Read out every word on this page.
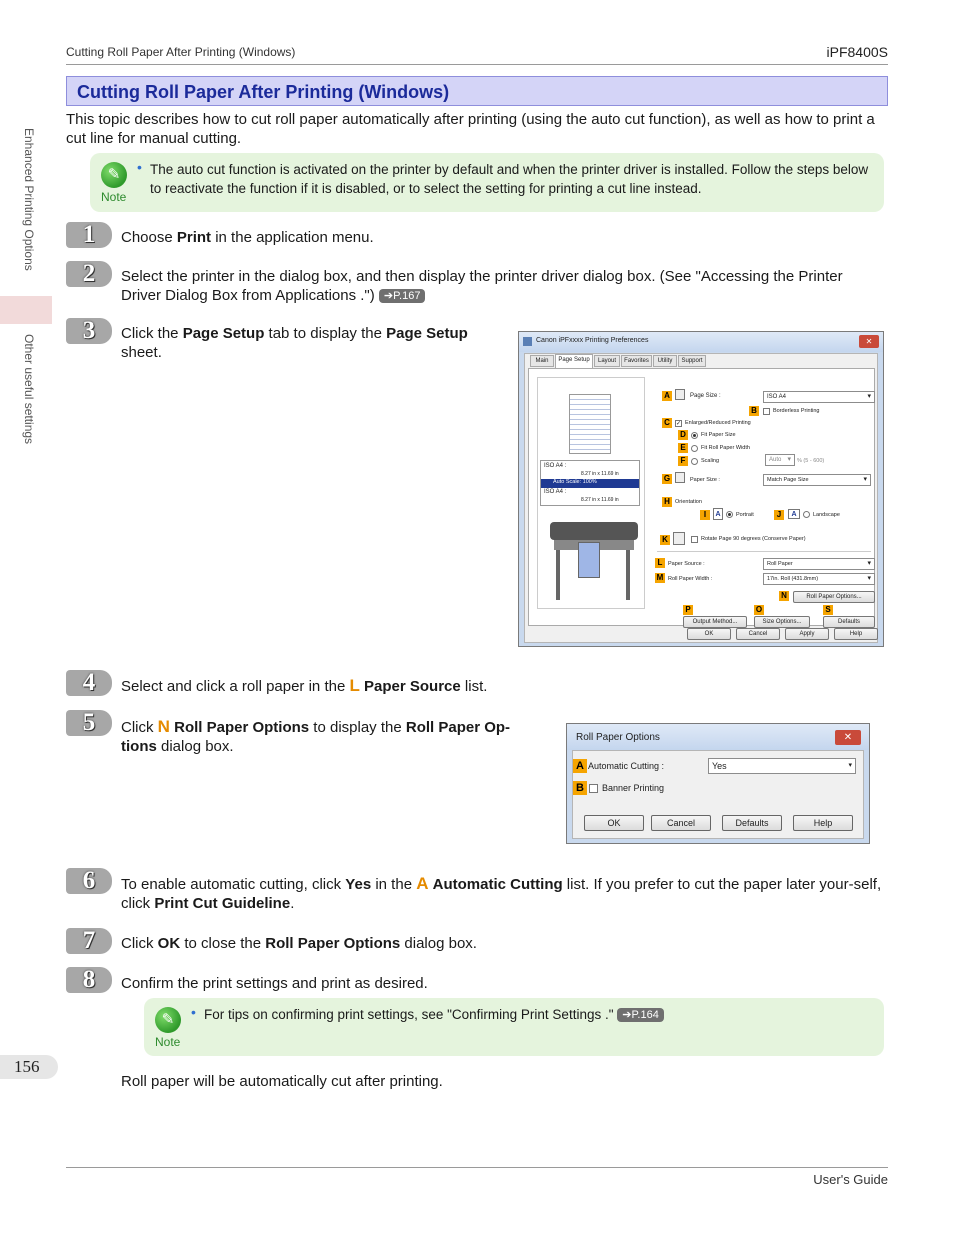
Cutting Roll Paper After Printing (Windows)	iPF8400S
Enhanced Printing Options
Other useful settings
156
Cutting Roll Paper After Printing (Windows)
This topic describes how to cut roll paper automatically after printing (using the auto cut function), as well as how to print a cut line for manual cutting.
✎
Note
• The auto cut function is activated on the printer by default and when the printer driver is installed. Follow the steps below to reactivate the function if it is disabled, or to select the setting for printing a cut line instead.
1	Choose Print in the application menu.
2	Select the printer in the dialog box, and then display the printer driver dialog box. (See "Accessing the Printer Driver Dialog Box from Applications .") ➔P.167
3	Click the Page Setup tab to display the Page Setup sheet.
Canon iPFxxxx Printing Preferences	✕
Main	Page Setup	Layout	Favorites	Utility	Support
ISO A4 :
8.27 in x 11.69 in
Auto Scale: 100%
ISO A4 :
8.27 in x 11.69 in
A	Page Size :	ISO A4 ▾
B	Borderless Printing
C	✓ Enlarged/Reduced Printing
D	Fit Paper Size
E	Fit Roll Paper Width
F	Scaling	Auto ▾	% (5 - 600)
G	Paper Size :	Match Page Size ▾
H Orientation
I	A	Portrait	J	A	Landscape
K	Rotate Page 90 degrees (Conserve Paper)
L	Paper Source :	Roll Paper ▾
M Roll Paper Width :	17in. Roll (431.8mm) ▾
N	Roll Paper Options...
P	O	S
Output Method...	Size Options...	Defaults
OK	Cancel	Apply	Help
4	Select and click a roll paper in the L Paper Source list.
5	Click N Roll Paper Options to display the Roll Paper Op-tions dialog box.
Roll Paper Options	✕
A Automatic Cutting :	Yes ▾
B	Banner Printing
OK	Cancel	Defaults	Help
6	To enable automatic cutting, click Yes in the A Automatic Cutting list. If you prefer to cut the paper later your-self, click Print Cut Guideline.
7	Click OK to close the Roll Paper Options dialog box.
8	Confirm the print settings and print as desired.
✎
Note
• For tips on confirming print settings, see "Confirming Print Settings ." ➔P.164
Roll paper will be automatically cut after printing.
User's Guide
